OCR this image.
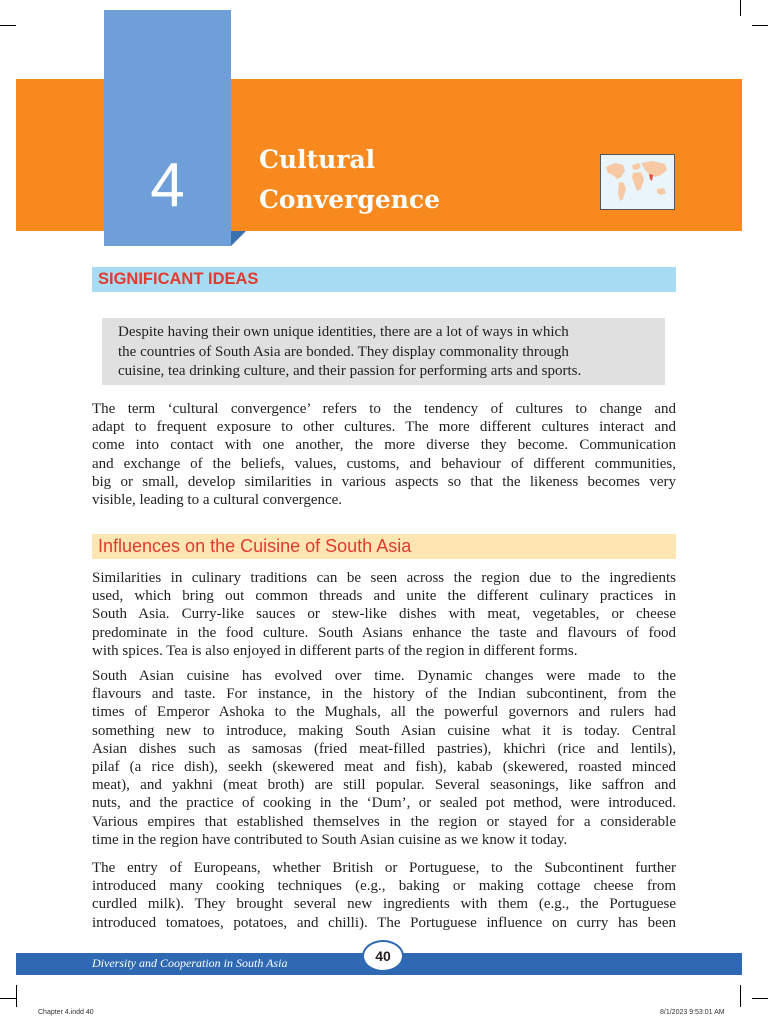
4	Cultural
Convergence
SIGNIFICANT IDEAS
Despite having their own unique identities, there are a lot of ways in which
the countries of South Asia are bonded. They display commonality through
cuisine, tea drinking culture, and their passion for performing arts and sports.
The term ‘cultural convergence’ refers to the tendency of cultures to change and
adapt to frequent exposure to other cultures. The more different cultures interact and
come into contact with one another, the more diverse they become. Communication
and exchange of the beliefs, values, customs, and behaviour of different communities,
big or small, develop similarities in various aspects so that the likeness becomes very
visible, leading to a cultural convergence.
Influences on the Cuisine of South Asia
Similarities in culinary traditions can be seen across the region due to the ingredients
used, which bring out common threads and unite the different culinary practices in
South Asia. Curry-like sauces or stew-like dishes with meat, vegetables, or cheese
predominate in the food culture. South Asians enhance the taste and flavours of food
with spices. Tea is also enjoyed in different parts of the region in different forms.
South Asian cuisine has evolved over time. Dynamic changes were made to the
flavours and taste. For instance, in the history of the Indian subcontinent, from the
times of Emperor Ashoka to the Mughals, all the powerful governors and rulers had
something new to introduce, making South Asian cuisine what it is today. Central
Asian dishes such as samosas (fried meat-filled pastries), khichri (rice and lentils),
pilaf (a rice dish), seekh (skewered meat and fish), kabab (skewered, roasted minced
meat), and yakhni (meat broth) are still popular. Several seasonings, like saffron and
nuts, and the practice of cooking in the ‘Dum’, or sealed pot method, were introduced.
Various empires that established themselves in the region or stayed for a considerable
time in the region have contributed to South Asian cuisine as we know it today.
The entry of Europeans, whether British or Portuguese, to the Subcontinent further
introduced many cooking techniques (e.g., baking or making cottage cheese from
curdled milk). They brought several new ingredients with them (e.g., the Portuguese
introduced tomatoes, potatoes, and chilli). The Portuguese influence on curry has been
Diversity and Cooperation in South Asia	40
Chapter 4.indd 40	8/1/2023 9:53:01 AM
